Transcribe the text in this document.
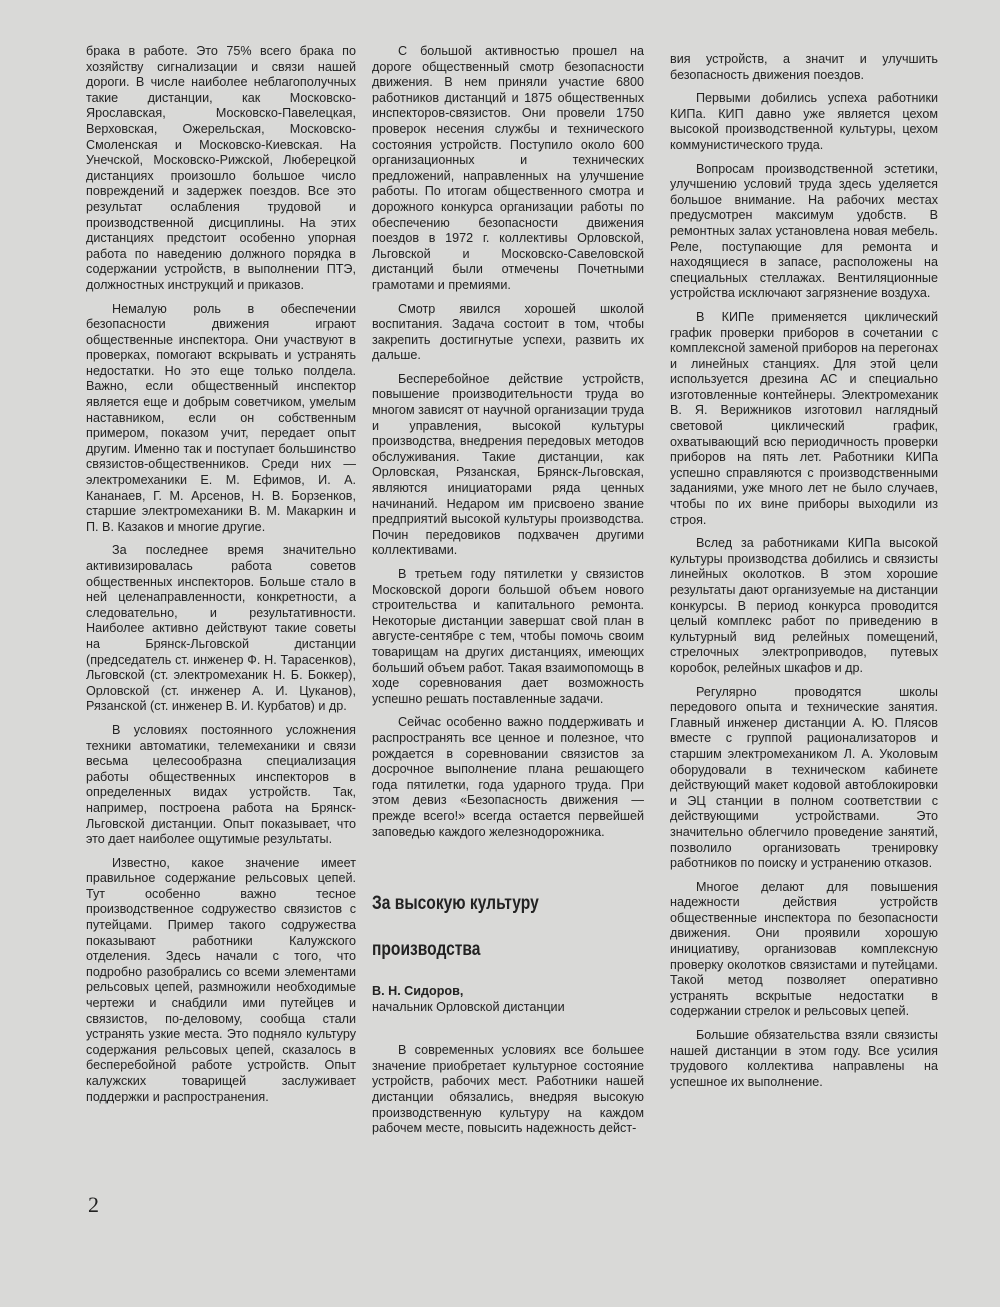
брака в работе. Это 75% всего брака по хозяйству сигнализации и связи нашей дороги. В числе наиболее неблагополучных такие дистанции, как Московско-Ярославская, Московско-Павелецкая, Верховская, Ожерельская, Московско-Смоленская и Московско-Киевская. На Унечской, Московско-Рижской, Люберецкой дистанциях произошло большое число повреждений и задержек поездов. Все это результат ослабления трудовой и производственной дисциплины. На этих дистанциях предстоит особенно упорная работа по наведению должного порядка в содержании устройств, в выполнении ПТЭ, должностных инструкций и приказов.

Немалую роль в обеспечении безопасности движения играют общественные инспектора. Они участвуют в проверках, помогают вскрывать и устранять недостатки. Но это еще только полдела. Важно, если общественный инспектор является еще и добрым советчиком, умелым наставником, если он собственным примером, показом учит, передает опыт другим. Именно так и поступает большинство связистов-общественников. Среди них — электромеханики Е. М. Ефимов, И. А. Кананаев, Г. М. Арсенов, Н. В. Борзенков, старшие электромеханики В. М. Макаркин и П. В. Казаков и многие другие.

За последнее время значительно активизировалась работа советов общественных инспекторов. Больше стало в ней целенаправленности, конкретности, а следовательно, и результативности. Наиболее активно действуют такие советы на Брянск-Льговской дистанции (председатель ст. инженер Ф. Н. Тарасенков), Льговской (ст. электромеханик Н. Б. Боккер), Орловской (ст. инженер А. И. Цуканов), Рязанской (ст. инженер В. И. Курбатов) и др.

В условиях постоянного усложнения техники автоматики, телемеханики и связи весьма целесообразна специализация работы общественных инспекторов в определенных видах устройств. Так, например, построена работа на Брянск-Льговской дистанции. Опыт показывает, что это дает наиболее ощутимые результаты.

Известно, какое значение имеет правильное содержание рельсовых цепей. Тут особенно важно тесное производственное содружество связистов с путейцами. Пример такого содружества показывают работники Калужского отделения. Здесь начали с того, что подробно разобрались со всеми элементами рельсовых цепей, размножили необходимые чертежи и снабдили ими путейцев и связистов, по-деловому, сообща стали устранять узкие места. Это подняло культуру содержания рельсовых цепей, сказалось в бесперебойной работе устройств. Опыт калужских товарищей заслуживает поддержки и распространения.

С большой активностью прошел на дороге общественный смотр безопасности движения. В нем приняли участие 6800 работников дистанций и 1875 общественных инспекторов-связистов. Они провели 1750 проверок несения службы и технического состояния устройств. Поступило около 600 организационных и технических предложений, направленных на улучшение работы. По итогам общественного смотра и дорожного конкурса организации работы по обеспечению безопасности движения поездов в 1972 г. коллективы Орловской, Льговской и Московско-Савеловской дистанций были отмечены Почетными грамотами и премиями.

Смотр явился хорошей школой воспитания. Задача состоит в том, чтобы закрепить достигнутые успехи, развить их дальше.

Бесперебойное действие устройств, повышение производительности труда во многом зависят от научной организации труда и управления, высокой культуры производства, внедрения передовых методов обслуживания. Такие дистанции, как Орловская, Рязанская, Брянск-Льговская, являются инициаторами ряда ценных начинаний. Недаром им присвоено звание предприятий высокой культуры производства. Почин передовиков подхвачен другими коллективами.

В третьем году пятилетки у связистов Московской дороги большой объем нового строительства и капитального ремонта. Некоторые дистанции завершат свой план в августе-сентябре с тем, чтобы помочь своим товарищам на других дистанциях, имеющих больший объем работ. Такая взаимопомощь в ходе соревнования дает возможность успешно решать поставленные задачи.

Сейчас особенно важно поддерживать и распространять все ценное и полезное, что рождается в соревновании связистов за досрочное выполнение плана решающего года пятилетки, года ударного труда. При этом девиз «Безопасность движения — прежде всего!» всегда остается первейшей заповедью каждого железнодорожника.

За высокую культуру
производства
В. Н. Сидоров,
начальник Орловской дистанции

В современных условиях все большее значение приобретает культурное состояние устройств, рабочих мест. Работники нашей дистанции обязались, внедряя высокую производственную культуру на каждом рабочем месте, повысить надежность дейст-

вия устройств, а значит и улучшить безопасность движения поездов.

Первыми добились успеха работники КИПа. КИП давно уже является цехом высокой производственной культуры, цехом коммунистического труда.

Вопросам производственной эстетики, улучшению условий труда здесь уделяется большое внимание. На рабочих местах предусмотрен максимум удобств. В ремонтных залах установлена новая мебель. Реле, поступающие для ремонта и находящиеся в запасе, расположены на специальных стеллажах. Вентиляционные устройства исключают загрязнение воздуха.

В КИПе применяется циклический график проверки приборов в сочетании с комплексной заменой приборов на перегонах и линейных станциях. Для этой цели используется дрезина АС и специально изготовленные контейнеры. Электромеханик В. Я. Верижников изготовил наглядный световой циклический график, охватывающий всю периодичность проверки приборов на пять лет. Работники КИПа успешно справляются с производственными заданиями, уже много лет не было случаев, чтобы по их вине приборы выходили из строя.

Вслед за работниками КИПа высокой культуры производства добились и связисты линейных околотков. В этом хорошие результаты дают организуемые на дистанции конкурсы. В период конкурса проводится целый комплекс работ по приведению в культурный вид релейных помещений, стрелочных электроприводов, путевых коробок, релейных шкафов и др.

Регулярно проводятся школы передового опыта и технические занятия. Главный инженер дистанции А. Ю. Плясов вместе с группой рационализаторов и старшим электромехаником Л. А. Уколовым оборудовали в техническом кабинете действующий макет кодовой автоблокировки и ЭЦ станции в полном соответствии с действующими устройствами. Это значительно облегчило проведение занятий, позволило организовать тренировку работников по поиску и устранению отказов.

Многое делают для повышения надежности действия устройств общественные инспектора по безопасности движения. Они проявили хорошую инициативу, организовав комплексную проверку околотков связистами и путейцами. Такой метод позволяет оперативно устранять вскрытые недостатки в содержании стрелок и рельсовых цепей.

Большие обязательства взяли связисты нашей дистанции в этом году. Все усилия трудового коллектива направлены на успешное их выполнение.

2
